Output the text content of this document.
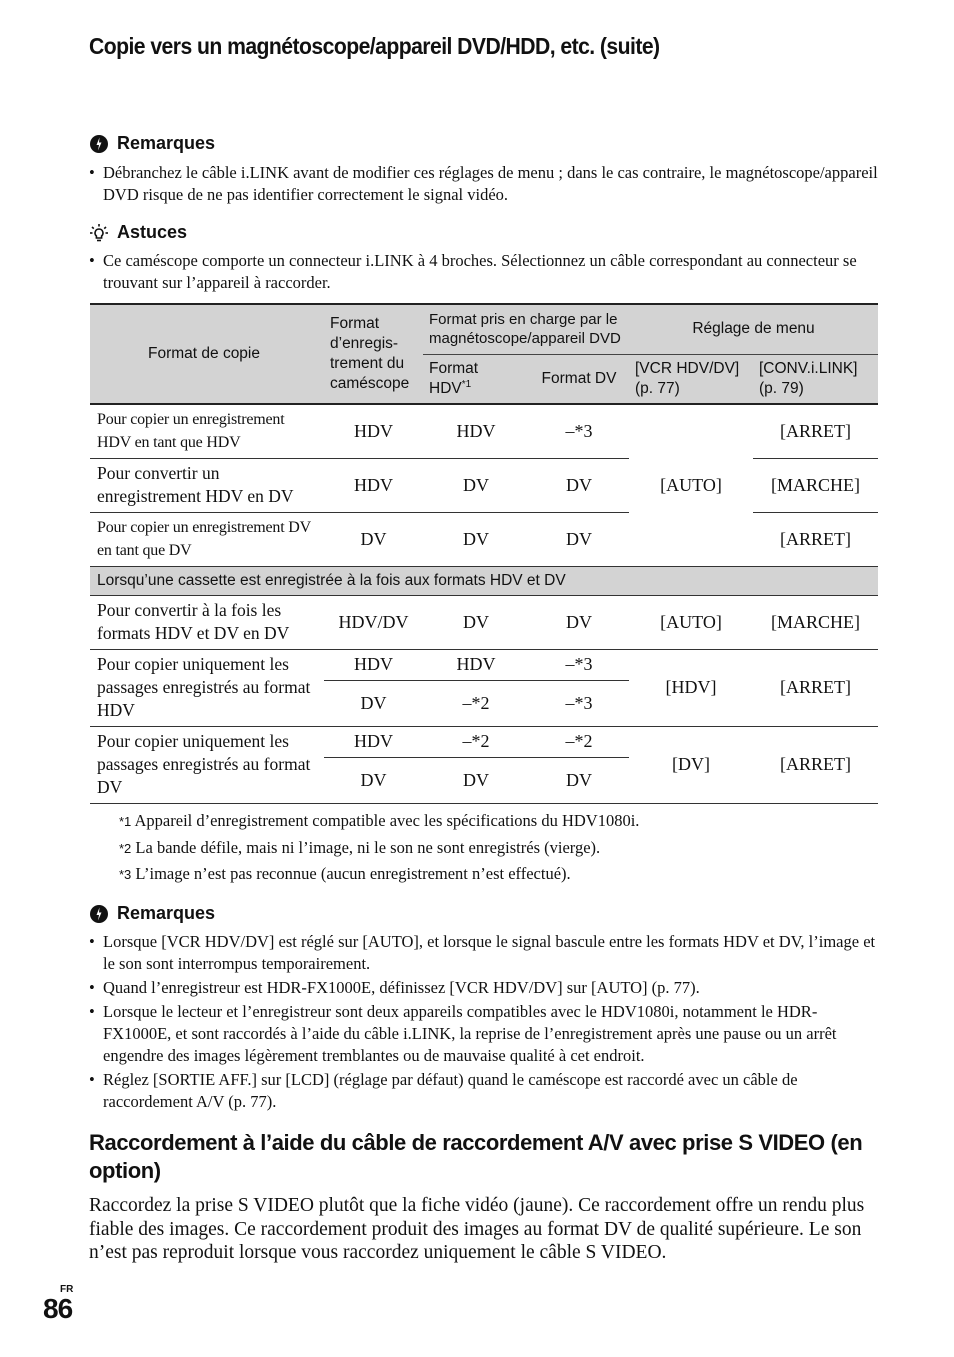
Copie vers un magnétoscope/appareil DVD/HDD, etc. (suite)
Remarques
• Débranchez le câble i.LINK avant de modifier ces réglages de menu ; dans le cas contraire, le magnétoscope/appareil DVD risque de ne pas identifier correctement le signal vidéo.
Astuces
• Ce caméscope comporte un connecteur i.LINK à 4 broches. Sélectionnez un câble correspondant au connecteur se trouvant sur l’appareil à raccorder.
Format de copie	Format d’enregis-trement du caméscope	Format pris en charge par le magnétoscope/appareil DVD		Réglage de menu	
		Format HDV$^{*1}$	Format DV	[VCR HDV/DV] (p. 77)	[CONV.i.LINK] (p. 79)
Pour copier un enregistrement HDV en tant que HDV	HDV	HDV	–*3	[AUTO]	[ARRET]
Pour convertir un enregistrement HDV en DV	HDV	DV	DV		[MARCHE]
Pour copier un enregistrement DV en tant que DV	DV	DV	DV		[ARRET]
Lorsqu’une cassette est enregistrée à la fois aux formats HDV et DV					
Pour convertir à la fois les formats HDV et DV en DV	HDV/DV	DV	DV	[AUTO]	[MARCHE]
Pour copier uniquement les passages enregistrés au format HDV	HDV	HDV	–*3	[HDV]	[ARRET]
	DV	–*2	–*3		
Pour copier uniquement les passages enregistrés au format DV	HDV	–*2	–*2	[DV]	[ARRET]
	DV	DV	DV		
*1 Appareil d’enregistrement compatible avec les spécifications du HDV1080i.
*2 La bande défile, mais ni l’image, ni le son ne sont enregistrés (vierge).
*3 L’image n’est pas reconnue (aucun enregistrement n’est effectué).
Remarques
• Lorsque [VCR HDV/DV] est réglé sur [AUTO], et lorsque le signal bascule entre les formats HDV et DV, l’image et le son sont interrompus temporairement.
• Quand l’enregistreur est HDR-FX1000E, définissez [VCR HDV/DV] sur [AUTO] (p. 77).
• Lorsque le lecteur et l’enregistreur sont deux appareils compatibles avec le HDV1080i, notamment le HDR-FX1000E, et sont raccordés à l’aide du câble i.LINK, la reprise de l’enregistrement après une pause ou un arrêt engendre des images légèrement tremblantes ou de mauvaise qualité à cet endroit.
• Réglez [SORTIE AFF.] sur [LCD] (réglage par défaut) quand le caméscope est raccordé avec un câble de raccordement A/V (p. 77).
Raccordement à l’aide du câble de raccordement A/V avec prise S VIDEO (en option)
Raccordez la prise S VIDEO plutôt que la fiche vidéo (jaune). Ce raccordement offre un rendu plus fiable des images. Ce raccordement produit des images au format DV de qualité supérieure. Le son n’est pas reproduit lorsque vous raccordez uniquement le câble S VIDEO.
FR
86
